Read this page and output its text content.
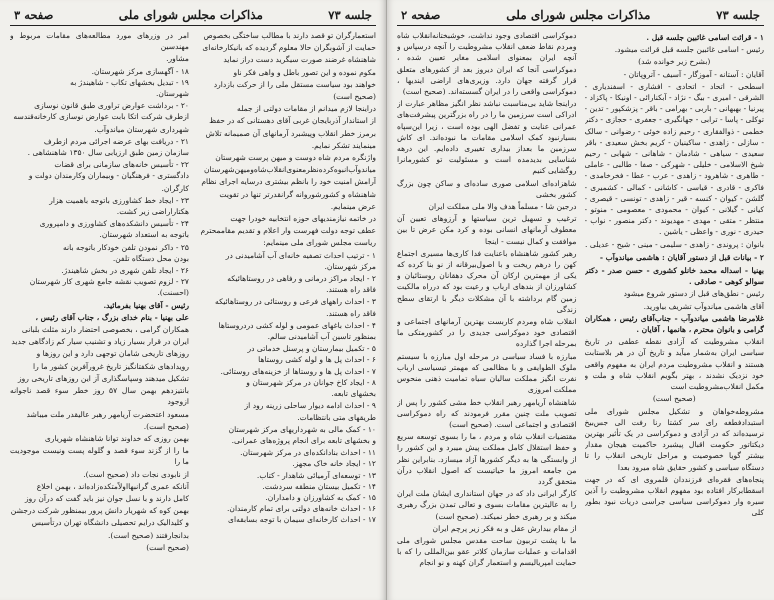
جلسه ۷۳
مذاکرات مجلس شورای ملی
صفحه ۳

استعمارگران تو قصد دارند با مطالب ساختگی بخصوص

حمایت از آشوبگران حالا معلوم گردیده که بانیکارخانه‌ای

شاهنشاه غرضند صورت سیگرید دست دراز نماید

مکوم نموده و این تصور باطل و واهی فکر ناو

خواهند بود سیاست مستقل ملی را از حرکت بازدارد

(صحیح است)

دراینجا لازم میدانم از مقامات دولتی از جمله

از استاندار آذربایجان غربی آقای دهستانی که در حفظ

برمرز خطر انقلاب وپیشبرد آرمانهای آن صمیمانه تلاش

مینمایند تشکر نمایم.

واژنگره مردم شاه دوست و میهن پرست شهرستان

میاندوآب‌انبوه‌‌کرده‌‌نظرمعنوی‌انقلاب‌شاه‌ومیهن‌شهرستان

آرامش امنیت خود را بانظم بیشتری درسایه اجرای نظام

شاهنشاه و کشورشوروانه گرانقدرتر تنها در تقویت

عرض مینمایم.

در خاتمه نیازمندیهای حوزه انتخابیه خودرا جهت

عطف توجه دولت فهرست وار اعلام و تقدیم مقاممحترم

ریاست مجلس شورای ملی مینمایم:

۱ - ترتیب احداث تصفیه خانه‌ای آب آشامیدنی در

مرکز شهرستان.

۲ - ایجاد مراکز درمانی و رفاهی در روستاهائیکه

فاقد راه هستند.

۳ - احداث راههای فرعی و روستائی در روستاهائیکه

فاقد راه هستند.

۴ - احداث باغهای عمومی و لوله کشی دردروستاها

بمنظور تاسین آب آشامیدنی سالم.

۵ - تکمیل بیمارستان و پرسنل خدماتی در

۶ - احداث پل ها و لوله کشی روستاها

۷ - احداث پل ها و روستاها از خزینه‌های روستائی.

۸ - ایجاد کاخ جوانان در مرکز شهرستان و

بخشهای تابعه.

۹ - احداث ادامه دیوار ساحلی زرینه رود از

طریقهای متی بانتظامات.

۱۰ - کمک مالی به شهرداریهای مرکز شهرستان

و بخشهای تابعه برای انجام پروژه‌های عمرانی.

۱۱ - احداث بنادانکده‌ای در مرکز شهرستان.

۱۲ - ایجاد خانه خاک مجهز.

۱۳ - توسعه‌ای آرمیائی شاهدار - کتاب.

۱۴ - تکمیل بیستان منطقه سردشت.

۱۵ - کمک به کشاورزان و دامداران.

۱۶ - احداث خانه‌های دولتی برای تمام کارمندان.

۱۷ - احداث کارخانه‌ای سیمان با توجه بسابقه‌ای

امر در وزرهای مورد مطالعه‌های مقامات مربوط و مهندسین

مشاور.

۱۸ - آگهسازی مرکز شهرستان.

۱۹ - تبدیل بخشهای تکاب - شاهیندژ به

شهرستان.

۲۰ - برداشت عوارض تراوری طبق قانون نوسازی

ازطرف شرکت اتکا بابت عوارض نوسازی کارخانه‌قندسه

شهرداری شهرستان میاندوآب.

۲۱ - دریافت بهای عرضه اجرائی مردم ازطرف

سازمان زمین طبق ارزیابی سال ۱۳۵۰ شاهنشاهی .

۲۲ - تأسیس خانه‌های سازمانی برای قضات

دادگستری - فرهنگیان - وبیماران وکارمندان دولت و

کارگران.

۲۳ - ایجاد خط کشاورزی باتوجه باهمیت هزار

هکتاراراضی زیر کشت.

۲۴ - تأسیس دانشکده‌های کشاورزی و دامپروری

باتوجه به استعداد شهرستان.

۲۵ - داکر نمودن تلفن خودکار باتوجه بانه

بودن محل دستگاه تلفن.

۲۶ - ایجاد تلفن شهری در بخش شاهیندژ.

۲۷ - لزوم تصویب نقشه جامع شهری کار شهرستان

(احسنت).

رئیس - آقای بهنیا بفرمائید.

علی بهنیا - بنام خدای بزرگ ، جناب آقای رئیس ،

همکاران گرامی ، بخصوصی احتضار دارند مثلث بلبانی

ایران در قرار بسیار زیاد و تشنیب سیار کم زادگاهی جدید

روزهای تاریخی شامان توجهی دارد و این روزها و

رویدادهای شکفتانگیز تاریخ غرورآفرین کشور ما را

تشکیل میدهند وسپاسگذاری آز این روزهای تاریخی روز

بانتیزدهم بهمن سال ۵۷ روز خطر سوء قصد ناجوانه ازوجود

مسعود اعتحضرت آریامهر رهبر عالیقدر ملت میباشد

(صحیح است).

بهمن روزی که خداوند توانا شاهنشاه شهریاری

ما را از گزند سوء قصد و گلوله پست ونیست موجودیت ما را

از نابودی نجات داد (صحیح است).

آنانکه عمری گرانبها‌اولاًمتکده‌زاده‌اند ، بهمن اخلاع

کامل دارند و با نسل جوان نیز باید گفت که درآن روز

بهمن‌ کوه که شهریار دانش پرور بیمنظور شرکت درجشن

و کلیدالیک درایم تحصیلی دانشگاه تهران درتأسیس

بدانجارفتند (صحیح است).

(صحیح است)

جلسه ۷۳
مذاکرات مجلس شورای ملی
صفحه ۲

۱ - قرائت اسامی غائبین جلسه قبل .

رئیس - اسامی غائبین جلسه قبل قرائت میشود.

(بشرح زیر خوانده شد)

آقایان : آستانه - آموزگار - آسیف - آتروپاتان -

اسطحی - اتحاد - اتحادی - افشاری - اسفندیاری - الشرقی - امیری - بیگ - نژاد - آبکنارائی - اونیکا - پاکزاد - پیرنیا - بهبهانی - باربی - بهرامی - باقر - پزشکپور - تدین - توکلی - پاسا - ترابی - جهانگیری - جعفری - حجازی - دکتر خطمی - ذوالفقاری - رحیم زاده خوئی - رضوانی - سالک - سازلی - زاهدی - ساکینیان - کریم بخش سعیدی - باقر سعیدی - سیاهی - شادمان - شاهانی - شهابی - رحیم شیخ الاسلامی - خلیلی - شهرکی - صفا - طالبی - عاملی - طاهری - شاهرود - زاهدی - عرب - عطا - فخرخامدی - فاکری - قادری - قیاسی - کاشانی - کمالی - کشمیری - گلشن - کیوان - کنسه - قیر - زاهدی - تونسی - قیصری - کیانی - گیلانی - کیوان - محمودی - معصومی - منوتو - منتظر - متقی - مهدی - مهدیوند - دکتر منصور - نواب - حیدری - نوری - واعظی - یاشین .

بانوان : پروندی - زاهدی - سلیمی - مینی - شیح - عدیلی .

۲ - بیانات قبل از دستور آقایان : هاشمی میاندوآب -

بهنیا - اسداله محمد خانلو کشوری - حسن صدر - دکتر سوالو کوهی - صادقی .

رئیس - نطق‌های قبل از دستور شروع میشود

آقای هاشمی میاندوآب تشریف بیاورید.

غلامرضا هاشمی میاندوآب - جناب‌آقای رئیس ، همکاران گرامی و بانوان محترم ، هانمها ، آقایان .

انقلاب مشروطیت که آزادی نقطه عطفی در تاریخ سیاسی ایران به‌شمار میآید و تاریخ آن در هر بلاستابت هستند و انقلاب مشروطیت مردم ایران به مفهوم واقعی خود نزدیک نشدند ، بهتر بگویم انقلاب شاه و ملت و مکمل انقلاب‌مشروطیت است

(صحیح است)

مشروطه‌خواهان و تشکیل مجلس شورای ملی استبدادفطغه رای سر کشتا رنا رفت الی جس‌بیخ نرسیده‌اند که در آزادی و دموکراسی در یک تأثیر بهترین دیکتاتور حکومت اقبال پیشبرد حاکمیت هیجان مقدار بیشتر گویا خصوصیت و مراحل تاریخی انقلاب را تا دستگاه سیاسی و کشور حقایق شاه میرود بعدا

پنجاه‌های فقره‌ای فرزنددان قلمروی ای که در جهت اسقطابرکار افتاده بود مفهوم انقلاب مشروطیت را آذین سیره وار دموکراسی سیاسی جراسی دریات نبود بطور کلی

دموکراسی اقتصادی وجود نداشت، خوشبختانه‌انقلاب شاه ومردم نقاط ضعف انقلاب مشروطیت را آنچه درسپاس و آنچه ایران بمعنوای اسلامی مغایر تعیین شده ، دموکراسی آنجا که ایران دیروز بعد از کشورهای متعلق قرار گرفته جهان دارد. وزیری‌های اراضی ایندیها ، دموکراسی واقعی را در ایران گسسته‌اند. (صحیح است)

دراینجا شاید بی‌مناسبت نباشد نظر انگیز مظاهر عبارت از ادراکی است سرزمین ما را در راه بزرگترین پیشرفت‌های عمرانی عنایت و تفضل الهی بوده است ، زیرا این‌سپاه بسیارنبود کمک اسلامی مقامات ما نبوده‌اند. ای کاش سرزمین ما بعداز بیداری تغییری داده‌ایم. این درهه شناسایی بدیدمده است و مسئولیت تو کشورمانرا روگشایی کنیم

شاهزاده‌ای اسلامی صوری ساده‌ای و ساکن چون بزرگ کشور بخشی

درجین شا - مسلماً هدف والا ملی مملکت ایران

ترغیب و تسهیل ترین سیاستها و آرزوهای تعیین آن معطوف آرمانهای انسانی بوده و کرد مکن عرض تا بین موافقت و کمال نیست - اینجا

رهبر کشور شاهنشاه باعنایت فدا کاری‌ها مسیری اجتماع کهن را درهم ریخت و با اصول‌بیرقانه از نو بنا کرده که یکی از مهمترین ارکان آن محرک دهقانان روستائیان و کشاورزان از بندهای ارباب و رعیت بود که درراه مالکیت زمین گام برداشته با آن مشکلات دیگر با ارتقای سطح زندگی

انقلاب شاه ومردم کاربست بهترین آرمانهای اجتماعی و اقتصادی خود دموکراسی جدیدی را در کشورمتکی ما بمرحله اجرا گذارده

مبارزه با فساد سیاسی در مرحله اول مبارزه با سیستم ملوک الطوایفی و با مظالمی که مهمتر تیسیاسی ارباب نفرت انگیز مملکت سالیان سیاه تمامیت ذهنی منحوس مملکت امروزی

شاهنشاه آریامهر رهبر انقلاب خط مشی کشور را پس از تصویب ملت چنین مقرر فرمودند که راه دموکراسی اقتصادی و اجتماعی است. (صحیح است)

مقتضیات انقلاب شاه و مردم ، ما را بسوی توسعه سریع و حفظ استقلال کامل مملکت پیش میبرد و این کشور را از وابستگی ها به دیگر کشورها آزاد میسازد. بنابراین نظر من جامعه امروز ما حیاتیست که اصول انقلاب درآن متحقق گردد

کارگر ایرانی داد که در جهان استانداری ایشان ملت ایران را به عالیترین مقامات بسوی و تعالی تمدن بزرگ رهبری میکند و بر رهبری خطر نمیکند. (صحیح است)

از مقام بیدارش عقل و به فکر زیر پرچم ایران

ما با پشت تربیون ساحت مقدس مجلس شورای ملی اقدامات و عملیات سازمان کلاتر عقو بین‌المللی را که با حمایت امپریالیسم و استعمار گران کهنه و نو انجام
